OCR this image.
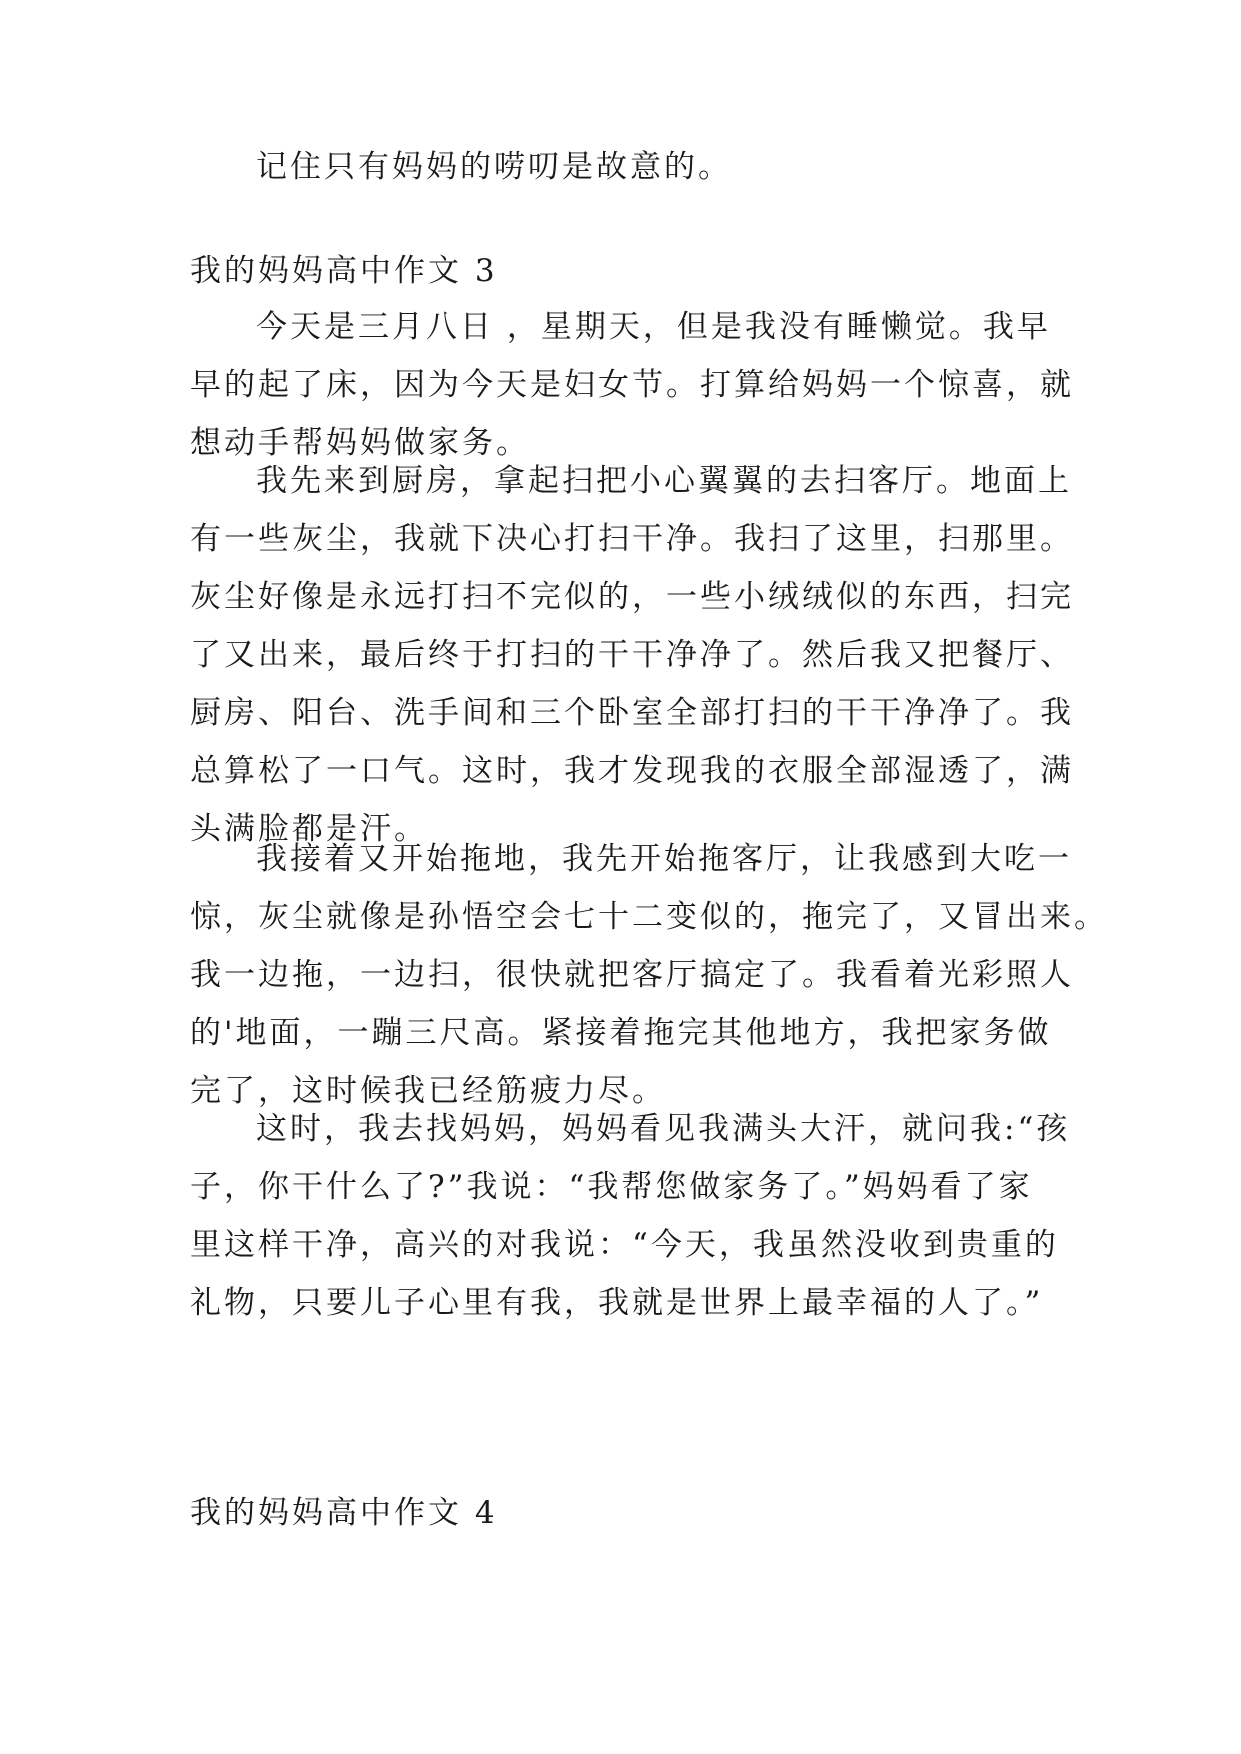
记住只有妈妈的唠叨是故意的。
我的妈妈高中作文 3
今天是三月八日 ，星期天，但是我没有睡懒觉。我早
早的起了床，因为今天是妇女节。打算给妈妈一个惊喜，就
想动手帮妈妈做家务。
我先来到厨房，拿起扫把小心翼翼的去扫客厅。地面上
有一些灰尘，我就下决心打扫干净。我扫了这里，扫那里。
灰尘好像是永远打扫不完似的，一些小绒绒似的东西，扫完
了又出来，最后终于打扫的干干净净了。然后我又把餐厅、
厨房、阳台、洗手间和三个卧室全部打扫的干干净净了。我
总算松了一口气。这时，我才发现我的衣服全部湿透了，满
头满脸都是汗。
我接着又开始拖地，我先开始拖客厅，让我感到大吃一
惊，灰尘就像是孙悟空会七十二变似的，拖完了，又冒出来。
我一边拖，一边扫，很快就把客厅搞定了。我看着光彩照人
的'地面，一蹦三尺高。紧接着拖完其他地方，我把家务做
完了，这时候我已经筋疲力尽。
这时，我去找妈妈，妈妈看见我满头大汗，就问我:“孩
子，你干什么了?”我说：“我帮您做家务了。”妈妈看了家
里这样干净，高兴的对我说：“今天，我虽然没收到贵重的
礼物，只要儿子心里有我，我就是世界上最幸福的人了。”
我的妈妈高中作文 4
